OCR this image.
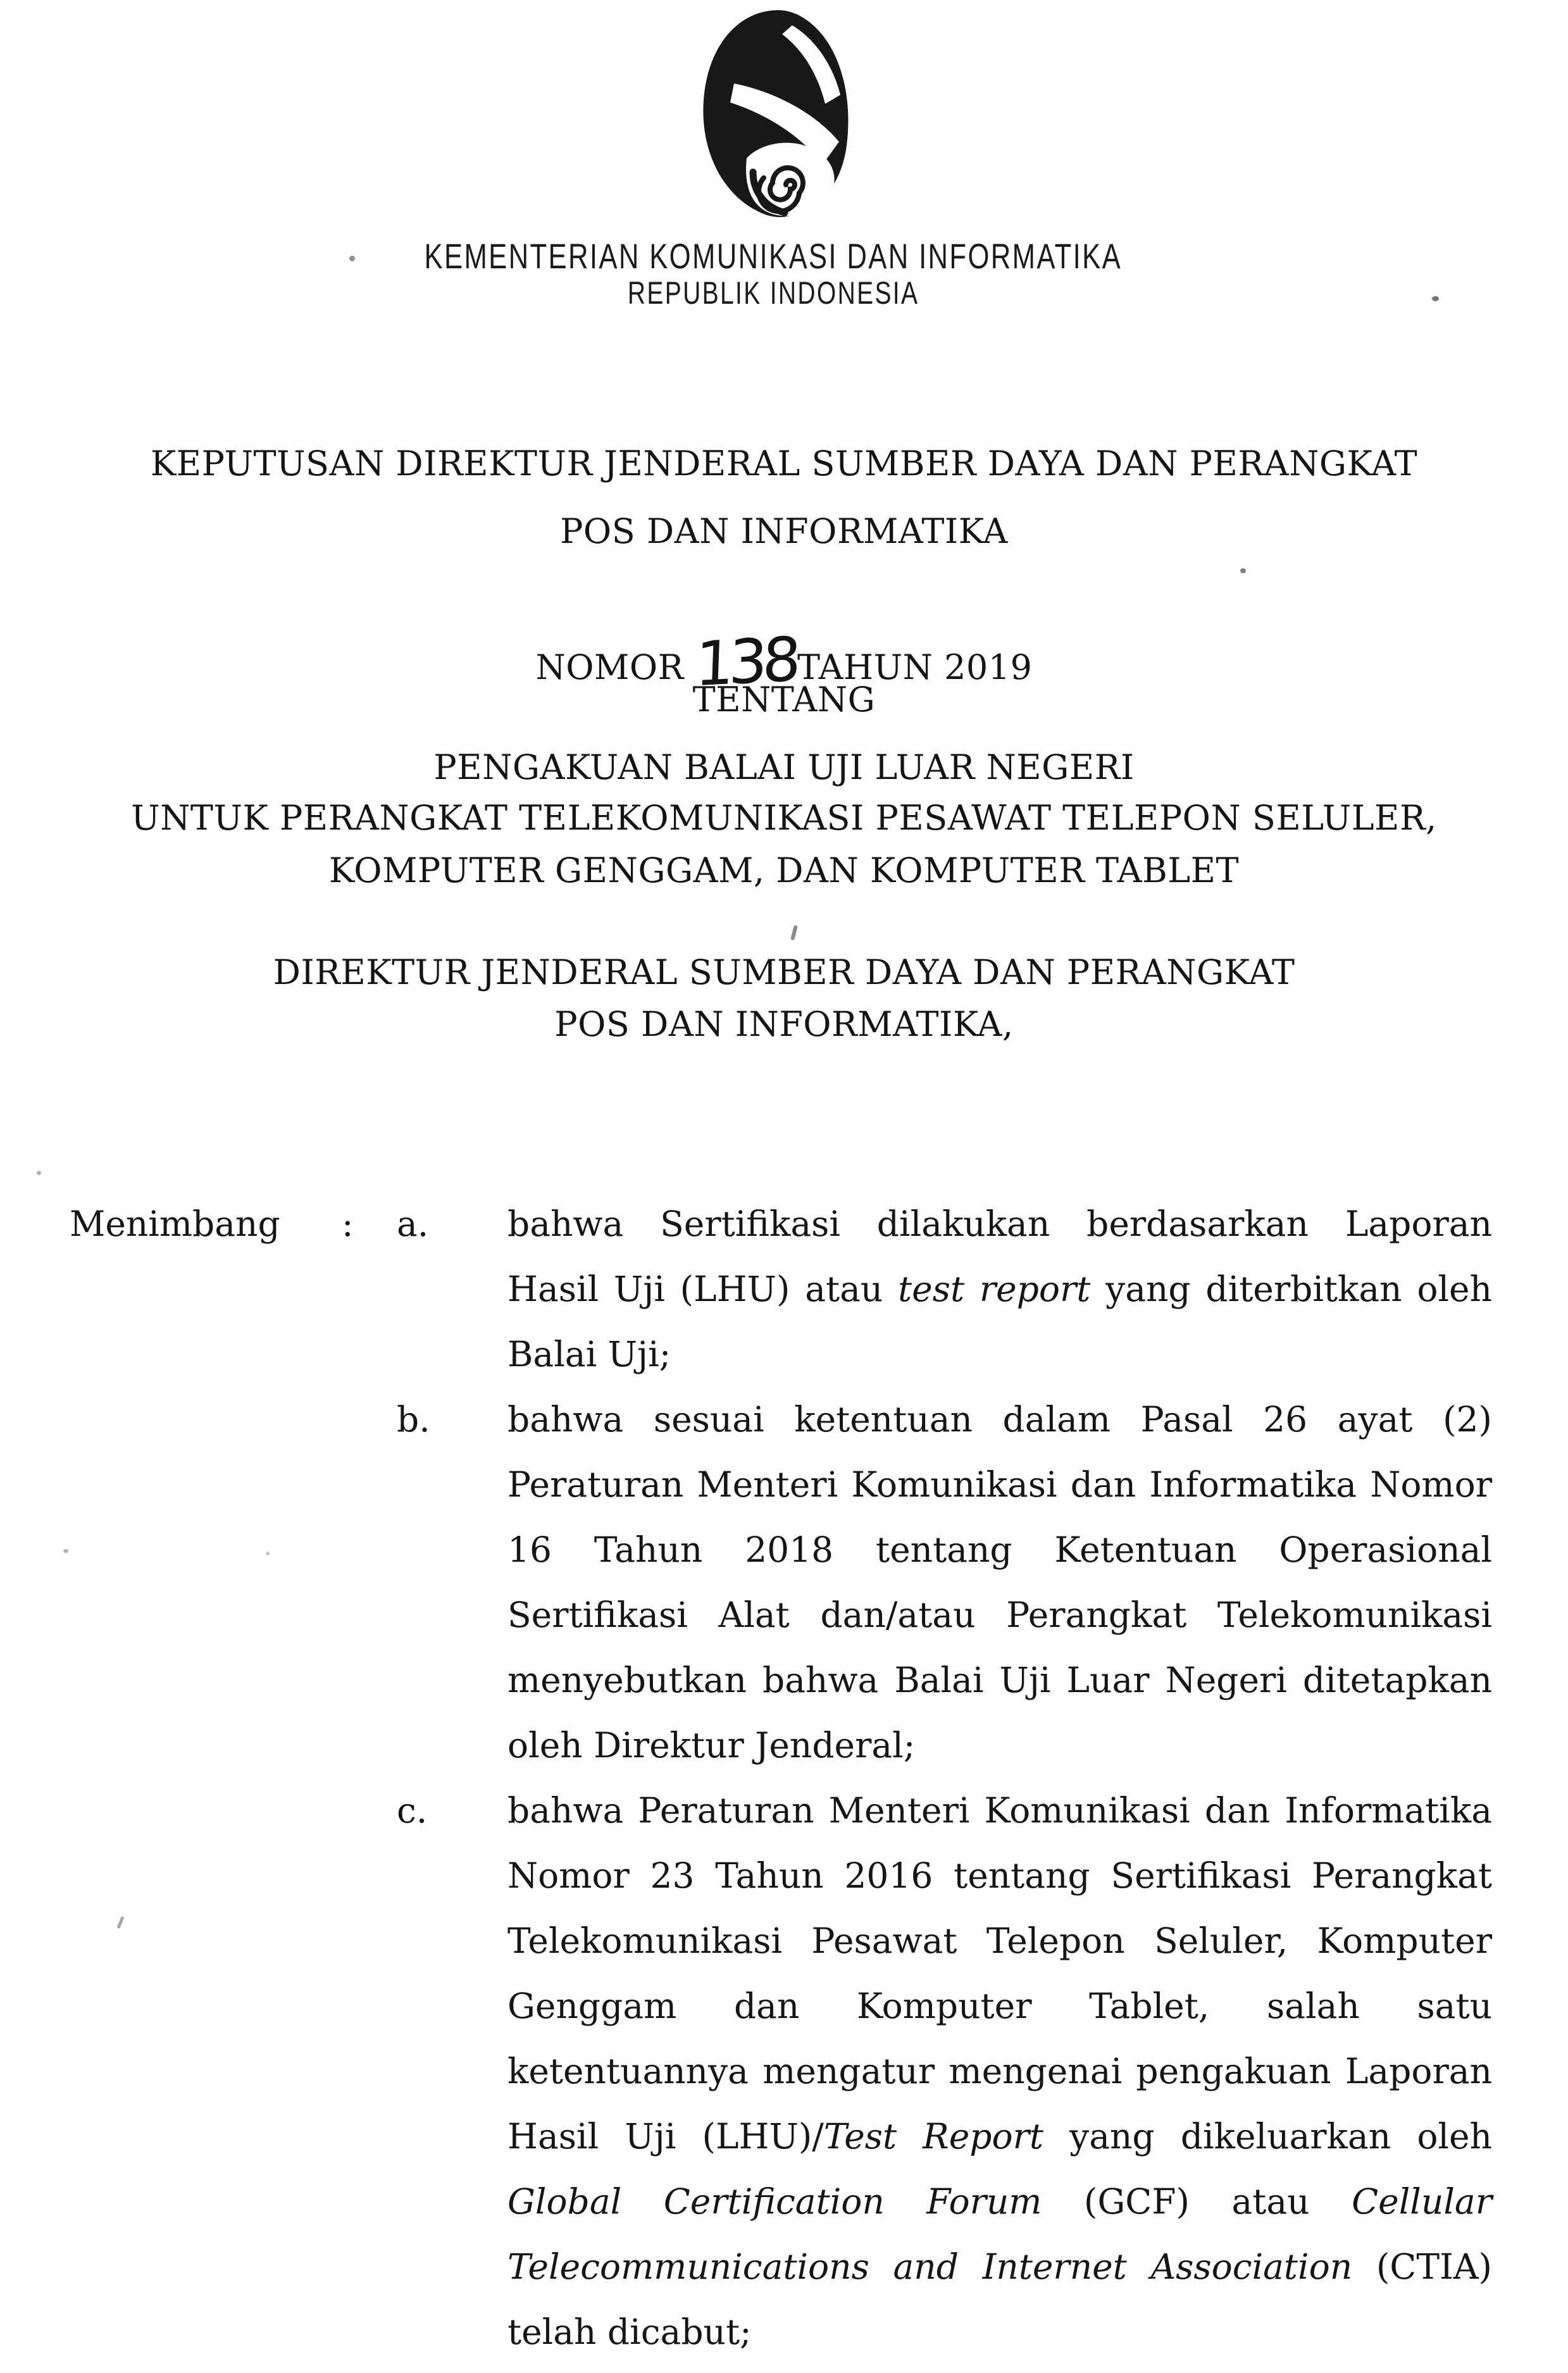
KEMENTERIAN KOMUNIKASI DAN INFORMATIKA
REPUBLIK INDONESIA
KEPUTUSAN DIREKTUR JENDERAL SUMBER DAYA DAN PERANGKAT
POS DAN INFORMATIKA
NOMOR 138TAHUN 2019
TENTANG
PENGAKUAN BALAI UJI LUAR NEGERI
UNTUK PERANGKAT TELEKOMUNIKASI PESAWAT TELEPON SELULER,
KOMPUTER GENGGAM, DAN KOMPUTER TABLET
DIREKTUR JENDERAL SUMBER DAYA DAN PERANGKAT
POS DAN INFORMATIKA,
Menimbang	:	a.	bahwa Sertifikasi dilakukan berdasarkan Laporan
Hasil Uji (LHU) atau test report yang diterbitkan oleh
Balai Uji;
b.	bahwa sesuai ketentuan dalam Pasal 26 ayat (2)
Peraturan Menteri Komunikasi dan Informatika Nomor
16 Tahun 2018 tentang Ketentuan Operasional
Sertifikasi Alat dan/atau Perangkat Telekomunikasi
menyebutkan bahwa Balai Uji Luar Negeri ditetapkan
oleh Direktur Jenderal;
c.	bahwa Peraturan Menteri Komunikasi dan Informatika
Nomor 23 Tahun 2016 tentang Sertifikasi Perangkat
Telekomunikasi Pesawat Telepon Seluler, Komputer
Genggam dan Komputer Tablet, salah satu
ketentuannya mengatur mengenai pengakuan Laporan
Hasil Uji (LHU)/Test Report yang dikeluarkan oleh
Global Certification Forum (GCF) atau Cellular
Telecommunications and Internet Association (CTIA)
telah dicabut;
